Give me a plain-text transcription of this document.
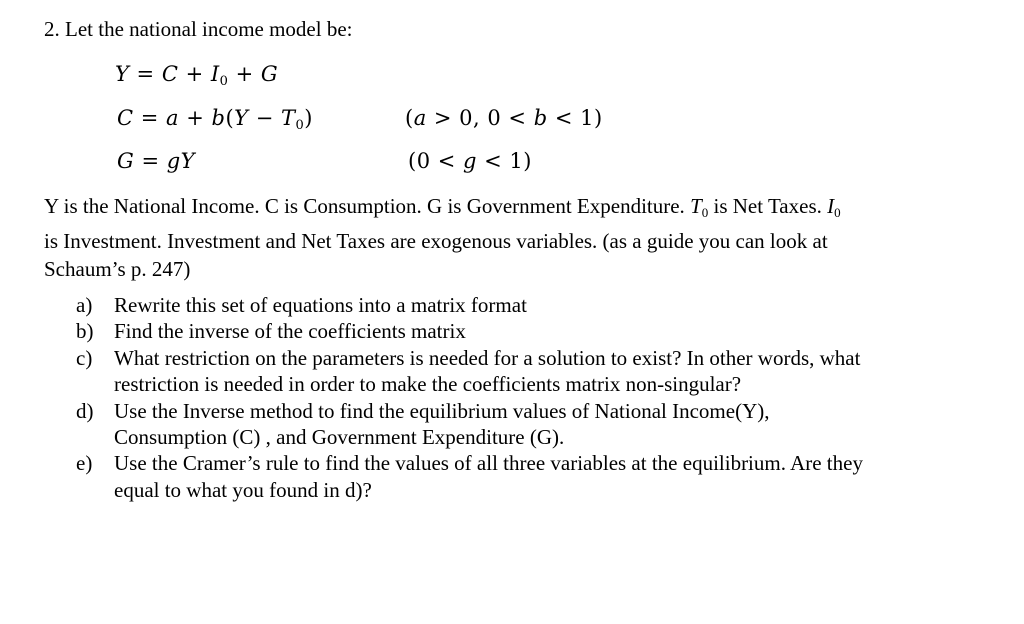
2. Let the national income model be:
$Y = C + I_0 + G$
$C = a + b(Y - T_0)$	(a > 0, 0 < b < 1)
G = gY	(0 < g < 1)

Y is the National Income. C is Consumption. G is Government Expenditure. $T_0$ is Net Taxes. $I_0$

is Investment. Investment and Net Taxes are exogenous variables. (as a guide you can look at

Schaum’s p. 247)

a)	Rewrite this set of equations into a matrix format
b) Find the inverse of the coefficients matrix
c)	What restriction on the parameters is needed for a solution to exist? In other words, what
restriction is needed in order to make the coefficients matrix non-singular?
d) Use the Inverse method to find the equilibrium values of National Income(Y),
Consumption (C) , and Government Expenditure (G).
e)	Use the Cramer’s rule to find the values of all three variables at the equilibrium. Are they
equal to what you found in d)?
